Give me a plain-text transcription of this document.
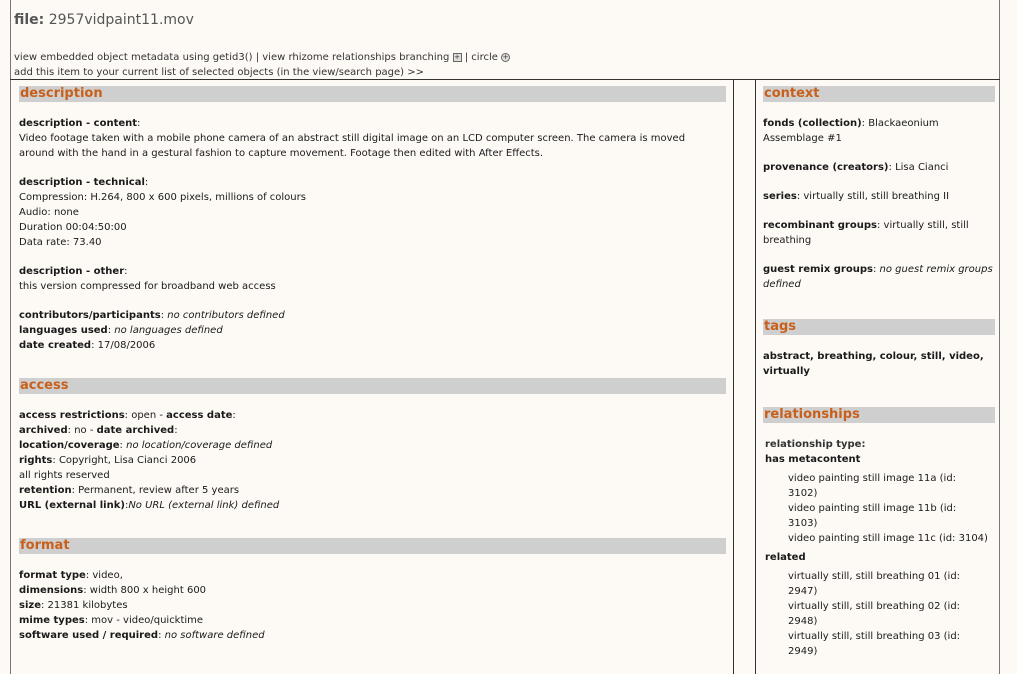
file: 2957vidpaint11.mov
view embedded object metadata using getid3() | view rhizome relationships branching + | circle +
add this item to your current list of selected objects (in the view/search page) >>
description
description - content:
Video footage taken with a mobile phone camera of an abstract still digital image on an LCD computer screen. The camera is moved
around with the hand in a gestural fashion to capture movement. Footage then edited with After Effects.
description - technical:
Compression: H.264, 800 x 600 pixels, millions of colours
Audio: none
Duration 00:04:50:00
Data rate: 73.40
description - other:
this version compressed for broadband web access
contributors/participants: no contributors defined
languages used: no languages defined
date created: 17/08/2006
access
access restrictions: open - access date:
archived: no - date archived:
location/coverage: no location/coverage defined
rights: Copyright, Lisa Cianci 2006
all rights reserved
retention: Permanent, review after 5 years
URL (external link):No URL (external link) defined
format
format type: video,
dimensions: width 800 x height 600
size: 21381 kilobytes
mime types: mov - video/quicktime
software used / required: no software defined
context
fonds (collection): Blackaeonium
Assemblage #1
provenance (creators): Lisa Cianci
series: virtually still, still breathing II
recombinant groups: virtually still, still
breathing
guest remix groups: no guest remix groups
defined
tags
abstract, breathing, colour, still, video,
virtually
relationships
relationship type:
has metacontent
video painting still image 11a (id:
3102)
video painting still image 11b (id:
3103)
video painting still image 11c (id: 3104)
related
virtually still, still breathing 01 (id:
2947)
virtually still, still breathing 02 (id:
2948)
virtually still, still breathing 03 (id:
2949)
